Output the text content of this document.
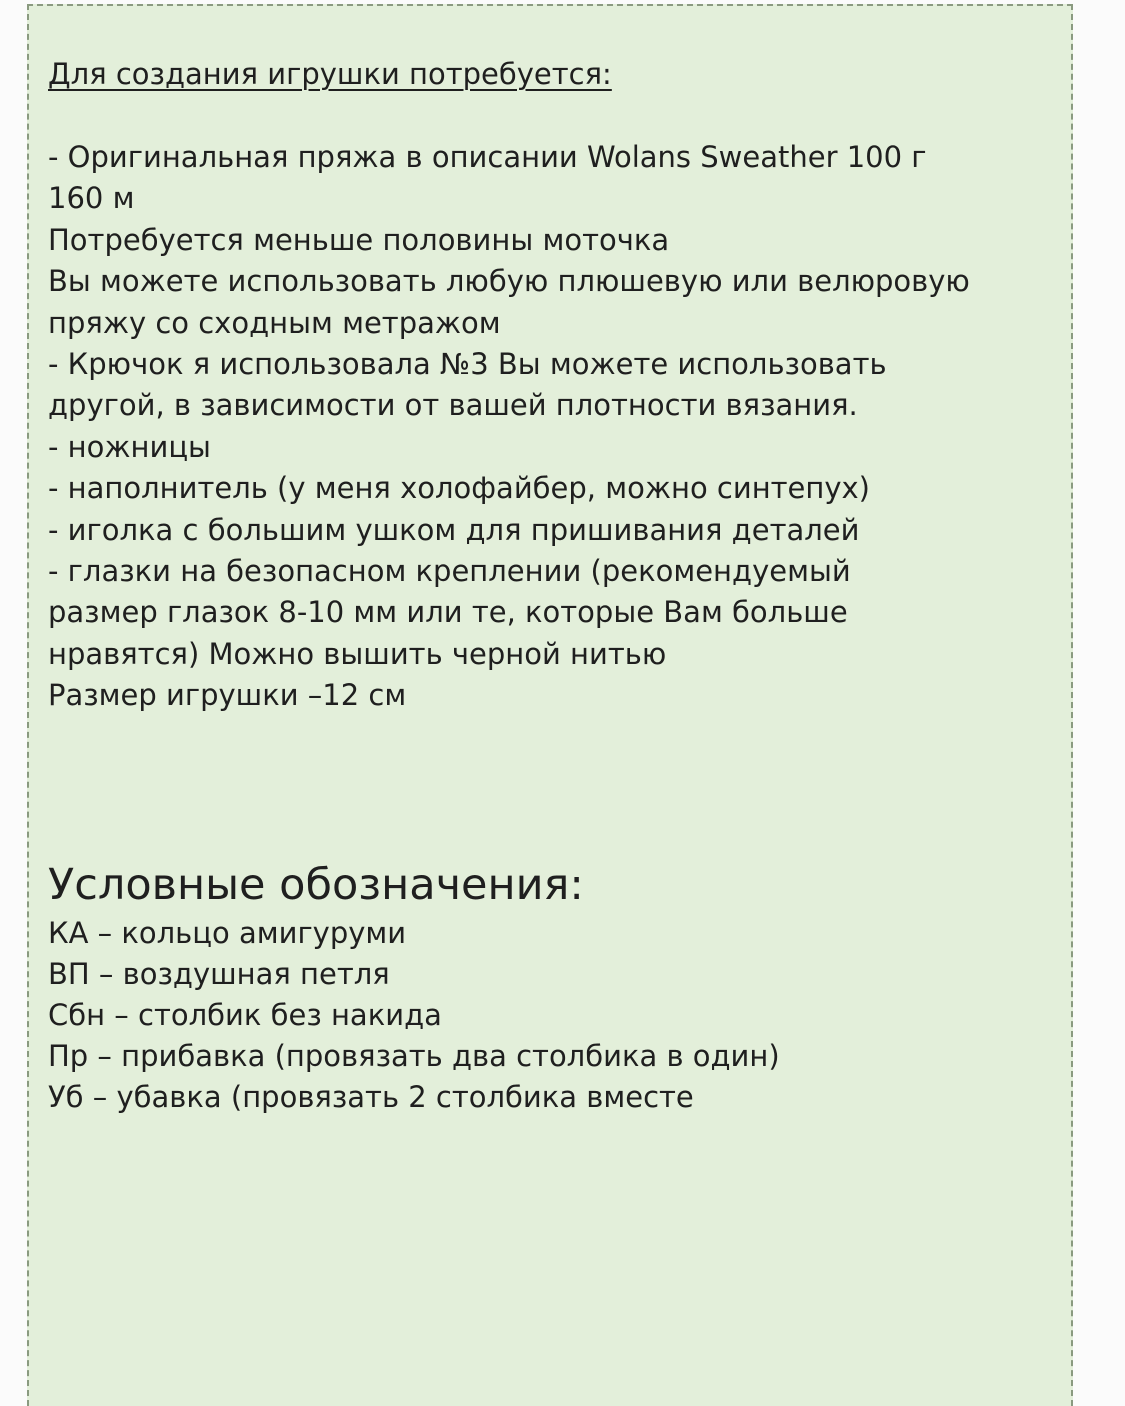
Для создания игрушки потребуется:

- Оригинальная пряжа в описании Wolans Sweather 100 г

160 м

Потребуется меньше половины моточка

Вы можете использовать любую плюшевую или велюровую

пряжу со сходным метражом

- Крючок я использовала №3 Вы можете использовать

другой, в зависимости от вашей плотности вязания.

- ножницы

- наполнитель (у меня холофайбер, можно синтепух)

- иголка с большим ушком для пришивания деталей

- глазки на безопасном креплении (рекомендуемый

размер глазок 8-10 мм или те, которые Вам больше

нравятся) Можно вышить черной нитью

Размер игрушки –12 см

Условные обозначения:

КА – кольцо амигуруми

ВП – воздушная петля

Сбн – столбик без накида

Пр – прибавка (провязать два столбика в один)

Уб – убавка (провязать 2 столбика вместе
